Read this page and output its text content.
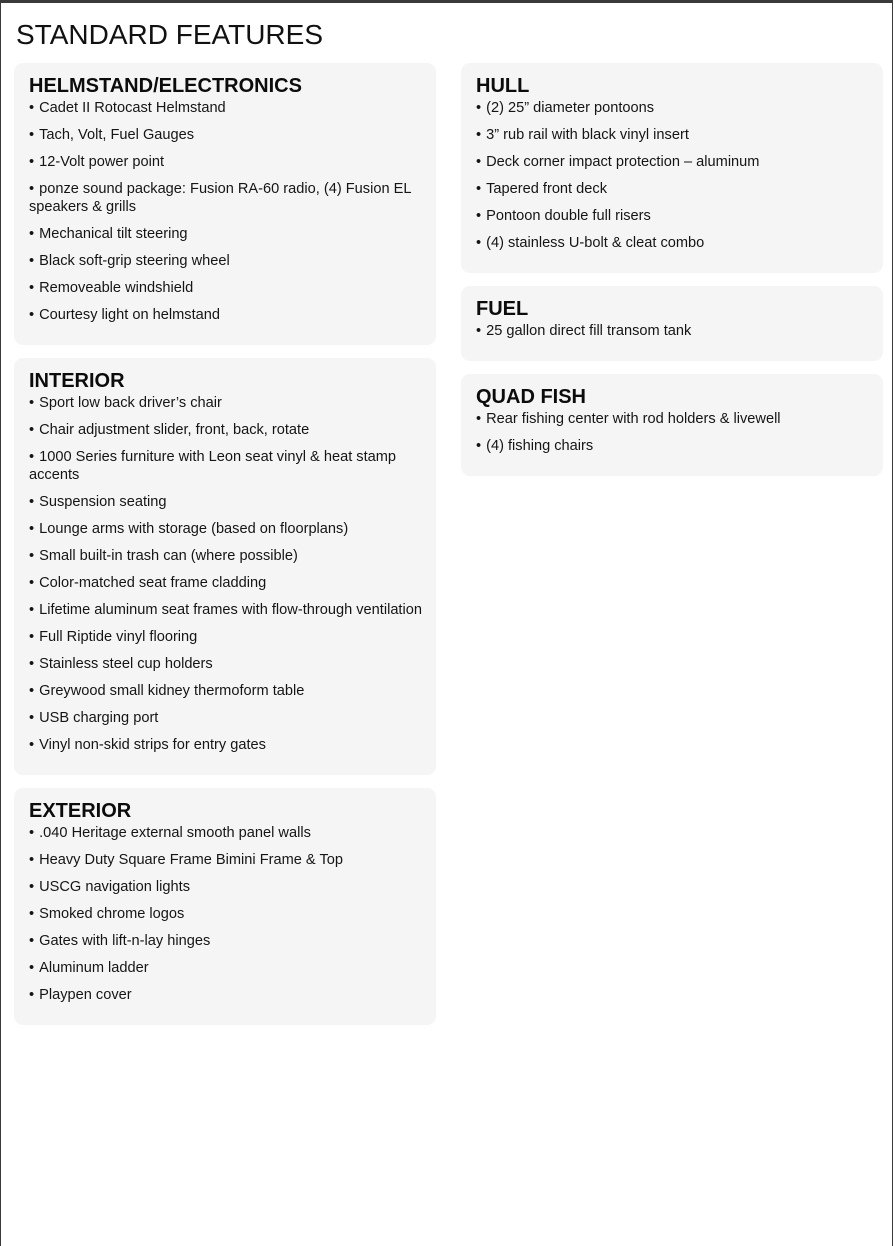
STANDARD FEATURES
HELMSTAND/ELECTRONICS
• Cadet II Rotocast Helmstand
• Tach, Volt, Fuel Gauges
• 12-Volt power point
• ponze sound package: Fusion RA-60 radio, (4) Fusion EL speakers & grills
• Mechanical tilt steering
• Black soft-grip steering wheel
• Removeable windshield
• Courtesy light on helmstand
INTERIOR
• Sport low back driver’s chair
• Chair adjustment slider, front, back, rotate
• 1000 Series furniture with Leon seat vinyl & heat stamp accents
• Suspension seating
• Lounge arms with storage (based on floorplans)
• Small built-in trash can (where possible)
• Color-matched seat frame cladding
• Lifetime aluminum seat frames with flow-through ventilation
• Full Riptide vinyl flooring
• Stainless steel cup holders
• Greywood small kidney thermoform table
• USB charging port
• Vinyl non-skid strips for entry gates
EXTERIOR
• .040 Heritage external smooth panel walls
• Heavy Duty Square Frame Bimini Frame & Top
• USCG navigation lights
• Smoked chrome logos
• Gates with lift-n-lay hinges
• Aluminum ladder
• Playpen cover
HULL
• (2) 25” diameter pontoons
• 3” rub rail with black vinyl insert
• Deck corner impact protection – aluminum
• Tapered front deck
• Pontoon double full risers
• (4) stainless U-bolt & cleat combo
FUEL
• 25 gallon direct fill transom tank
QUAD FISH
• Rear fishing center with rod holders & livewell
• (4) fishing chairs
